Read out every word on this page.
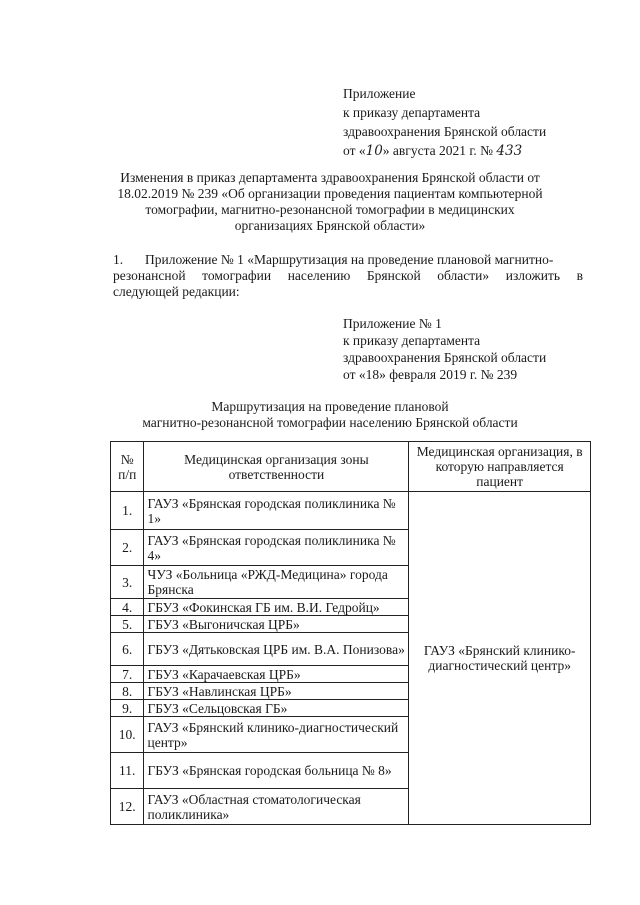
Приложение
к приказу департамента
здравоохранения Брянской области
от «10» августа 2021 г. № 433
Изменения в приказ департамента здравоохранения Брянской области от
18.02.2019 № 239 «Об организации проведения пациентам компьютерной
томографии, магнитно-резонансной томографии в медицинских
организациях Брянской области»
1. Приложение № 1 «Маршрутизация на проведение плановой магнитно-
резонансной томографии населению Брянской области» изложить в
следующей редакции:
Приложение № 1
к приказу департамента
здравоохранения Брянской области
от «18» февраля 2019 г. № 239
Маршрутизация на проведение плановой
магнитно-резонансной томографии населению Брянской области
№ п/п	Медицинская организация зоны ответственности	Медицинская организация, в которую направляется пациент
1.	ГАУЗ «Брянская городская поликлиника № 1»	ГАУЗ «Брянский клинико-диагностический центр»
2.	ГАУЗ «Брянская городская поликлиника № 4»	
3.	ЧУЗ «Больница «РЖД-Медицина» города Брянска	
4.	ГБУЗ «Фокинская ГБ им. В.И. Гедройц»	
5.	ГБУЗ «Выгоничская ЦРБ»	
6.	ГБУЗ «Дятьковская ЦРБ им. В.А. Понизова»	
7.	ГБУЗ «Карачаевская ЦРБ»	
8.	ГБУЗ «Навлинская ЦРБ»	
9.	ГБУЗ «Сельцовская ГБ»	
10.	ГАУЗ «Брянский клинико-диагностический центр»	
11.	ГБУЗ «Брянская городская больница № 8»	
12.	ГАУЗ «Областная стоматологическая поликлиника»	
